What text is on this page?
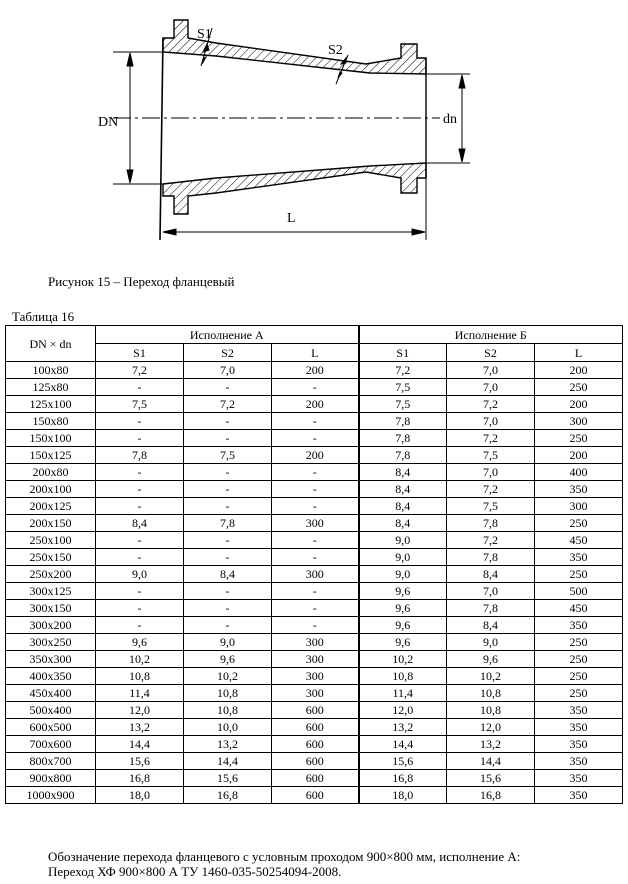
DN	dn
L
S1
S2
Рисунок 15 – Переход фланцевый
Таблица 16
DN × dn	Исполнение А			Исполнение Б		
	S1	S2	L	S1	S2	L
100x80	7,2	7,0	200	7,2	7,0	200
125x80	-	-	-	7,5	7,0	250
125x100	7,5	7,2	200	7,5	7,2	200
150x80	-	-	-	7,8	7,0	300
150x100	-	-	-	7,8	7,2	250
150x125	7,8	7,5	200	7,8	7,5	200
200x80	-	-	-	8,4	7,0	400
200x100	-	-	-	8,4	7,2	350
200x125	-	-	-	8,4	7,5	300
200x150	8,4	7,8	300	8,4	7,8	250
250x100	-	-	-	9,0	7,2	450
250x150	-	-	-	9,0	7,8	350
250x200	9,0	8,4	300	9,0	8,4	250
300x125	-	-	-	9,6	7,0	500
300x150	-	-	-	9,6	7,8	450
300x200	-	-	-	9,6	8,4	350
300x250	9,6	9,0	300	9,6	9,0	250
350x300	10,2	9,6	300	10,2	9,6	250
400x350	10,8	10,2	300	10,8	10,2	250
450x400	11,4	10,8	300	11,4	10,8	250
500x400	12,0	10,8	600	12,0	10,8	350
600x500	13,2	10,0	600	13,2	12,0	350
700x600	14,4	13,2	600	14,4	13,2	350
800x700	15,6	14,4	600	15,6	14,4	350
900x800	16,8	15,6	600	16,8	15,6	350
1000x900	18,0	16,8	600	18,0	16,8	350
Обозначение перехода фланцевого с условным проходом 900×800 мм, исполнение А:
Переход ХФ 900×800 А ТУ 1460-035-50254094-2008.
